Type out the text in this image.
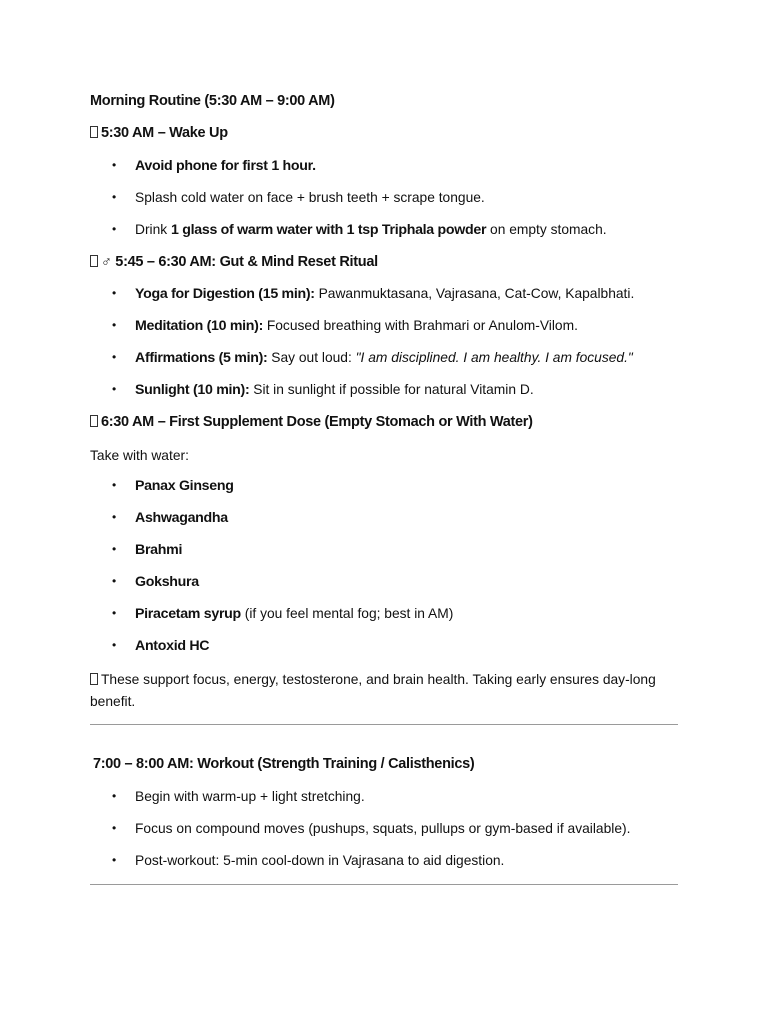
Morning Routine (5:30 AM – 9:00 AM)
5:30 AM – Wake Up
• Avoid phone for first 1 hour.
• Splash cold water on face + brush teeth + scrape tongue.
• Drink 1 glass of warm water with 1 tsp Triphala powder on empty stomach.
♂ 5:45 – 6:30 AM: Gut & Mind Reset Ritual
• Yoga for Digestion (15 min): Pawanmuktasana, Vajrasana, Cat-Cow, Kapalbhati.
• Meditation (10 min): Focused breathing with Brahmari or Anulom-Vilom.
• Affirmations (5 min): Say out loud: "I am disciplined. I am healthy. I am focused."
• Sunlight (10 min): Sit in sunlight if possible for natural Vitamin D.
6:30 AM – First Supplement Dose (Empty Stomach or With Water)
Take with water:
• Panax Ginseng
• Ashwagandha
• Brahmi
• Gokshura
• Piracetam syrup (if you feel mental fog; best in AM)
• Antoxid HC
These support focus, energy, testosterone, and brain health. Taking early ensures day-long
benefit.
7:00 – 8:00 AM: Workout (Strength Training / Calisthenics)
• Begin with warm-up + light stretching.
• Focus on compound moves (pushups, squats, pullups or gym-based if available).
• Post-workout: 5-min cool-down in Vajrasana to aid digestion.
